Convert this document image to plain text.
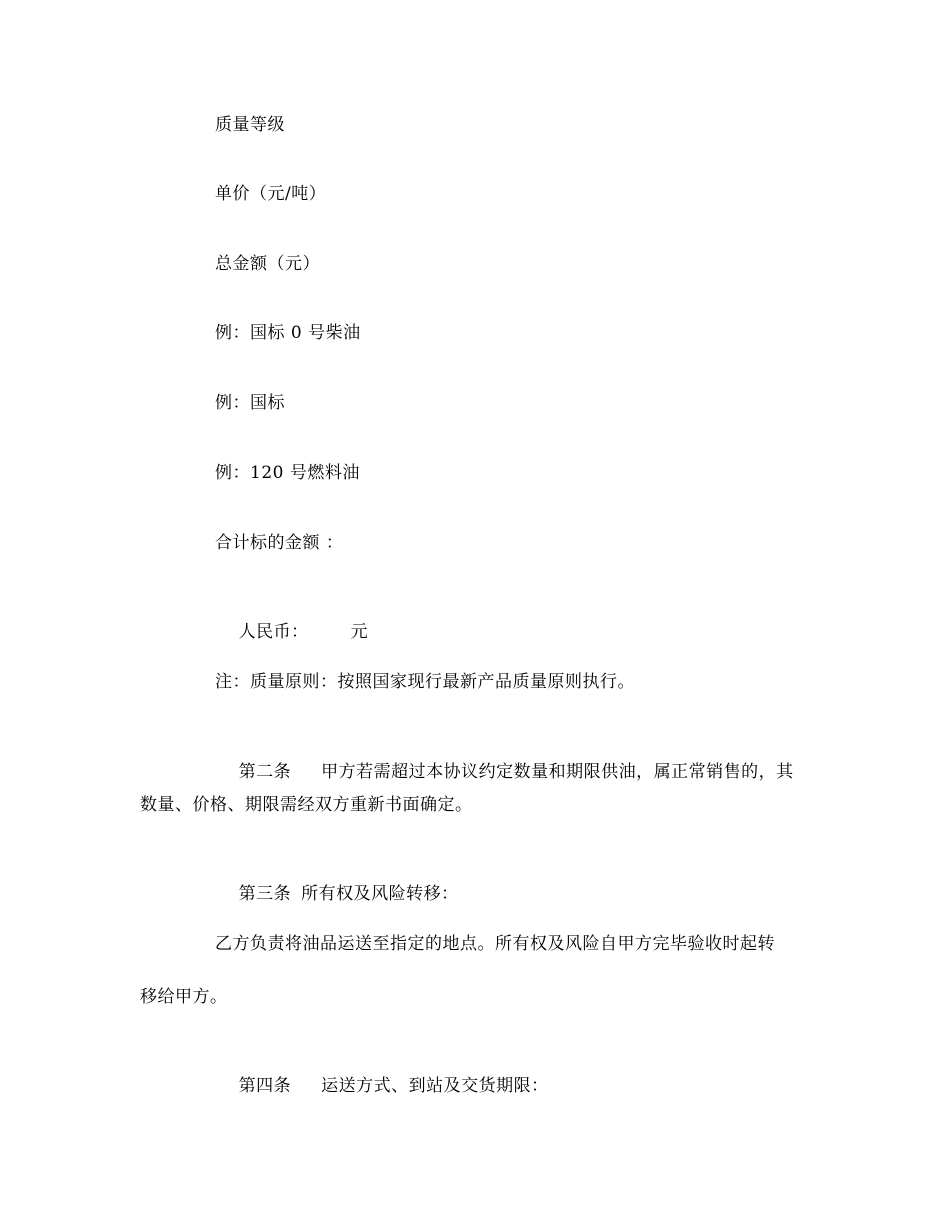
质量等级
单价（元/吨）
总金额（元）
例：国标 0 号柴油
例：国标
例：120 号燃料油
合计标的金额 ：

人民币： 元

注：质量原则：按照国家现行最新产品质量原则执行。

第二条 甲方若需超过本协议约定数量和期限供油，属正常销售的，其

数量、价格、期限需经双方重新书面确定。

第三条 所有权及风险转移：

乙方负责将油品运送至指定的地点。所有权及风险自甲方完毕验收时起转
移给甲方。

第四条 运送方式、到站及交货期限：
